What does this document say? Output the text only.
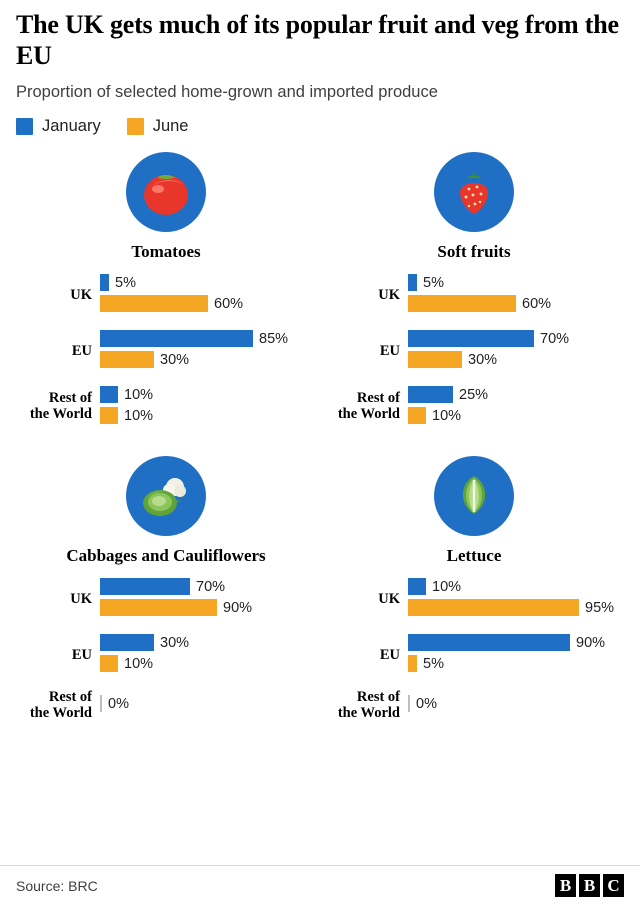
The UK gets much of its popular fruit and veg from the EU

Proportion of selected home-grown and imported produce

January	June
Tomatoes
UK
5%
60%
EU
85%
30%
Rest of
the World
10%
10%
Soft fruits
UK
5%
60%
EU
70%
30%
Rest of
the World
25%
10%
Cabbages and Cauliflowers
UK
70%
90%
EU
30%
10%
Rest of
the World
0%
Lettuce
UK
10%
95%
EU
90%
5%
Rest of
the World
0%
Source: BRC	B B C
